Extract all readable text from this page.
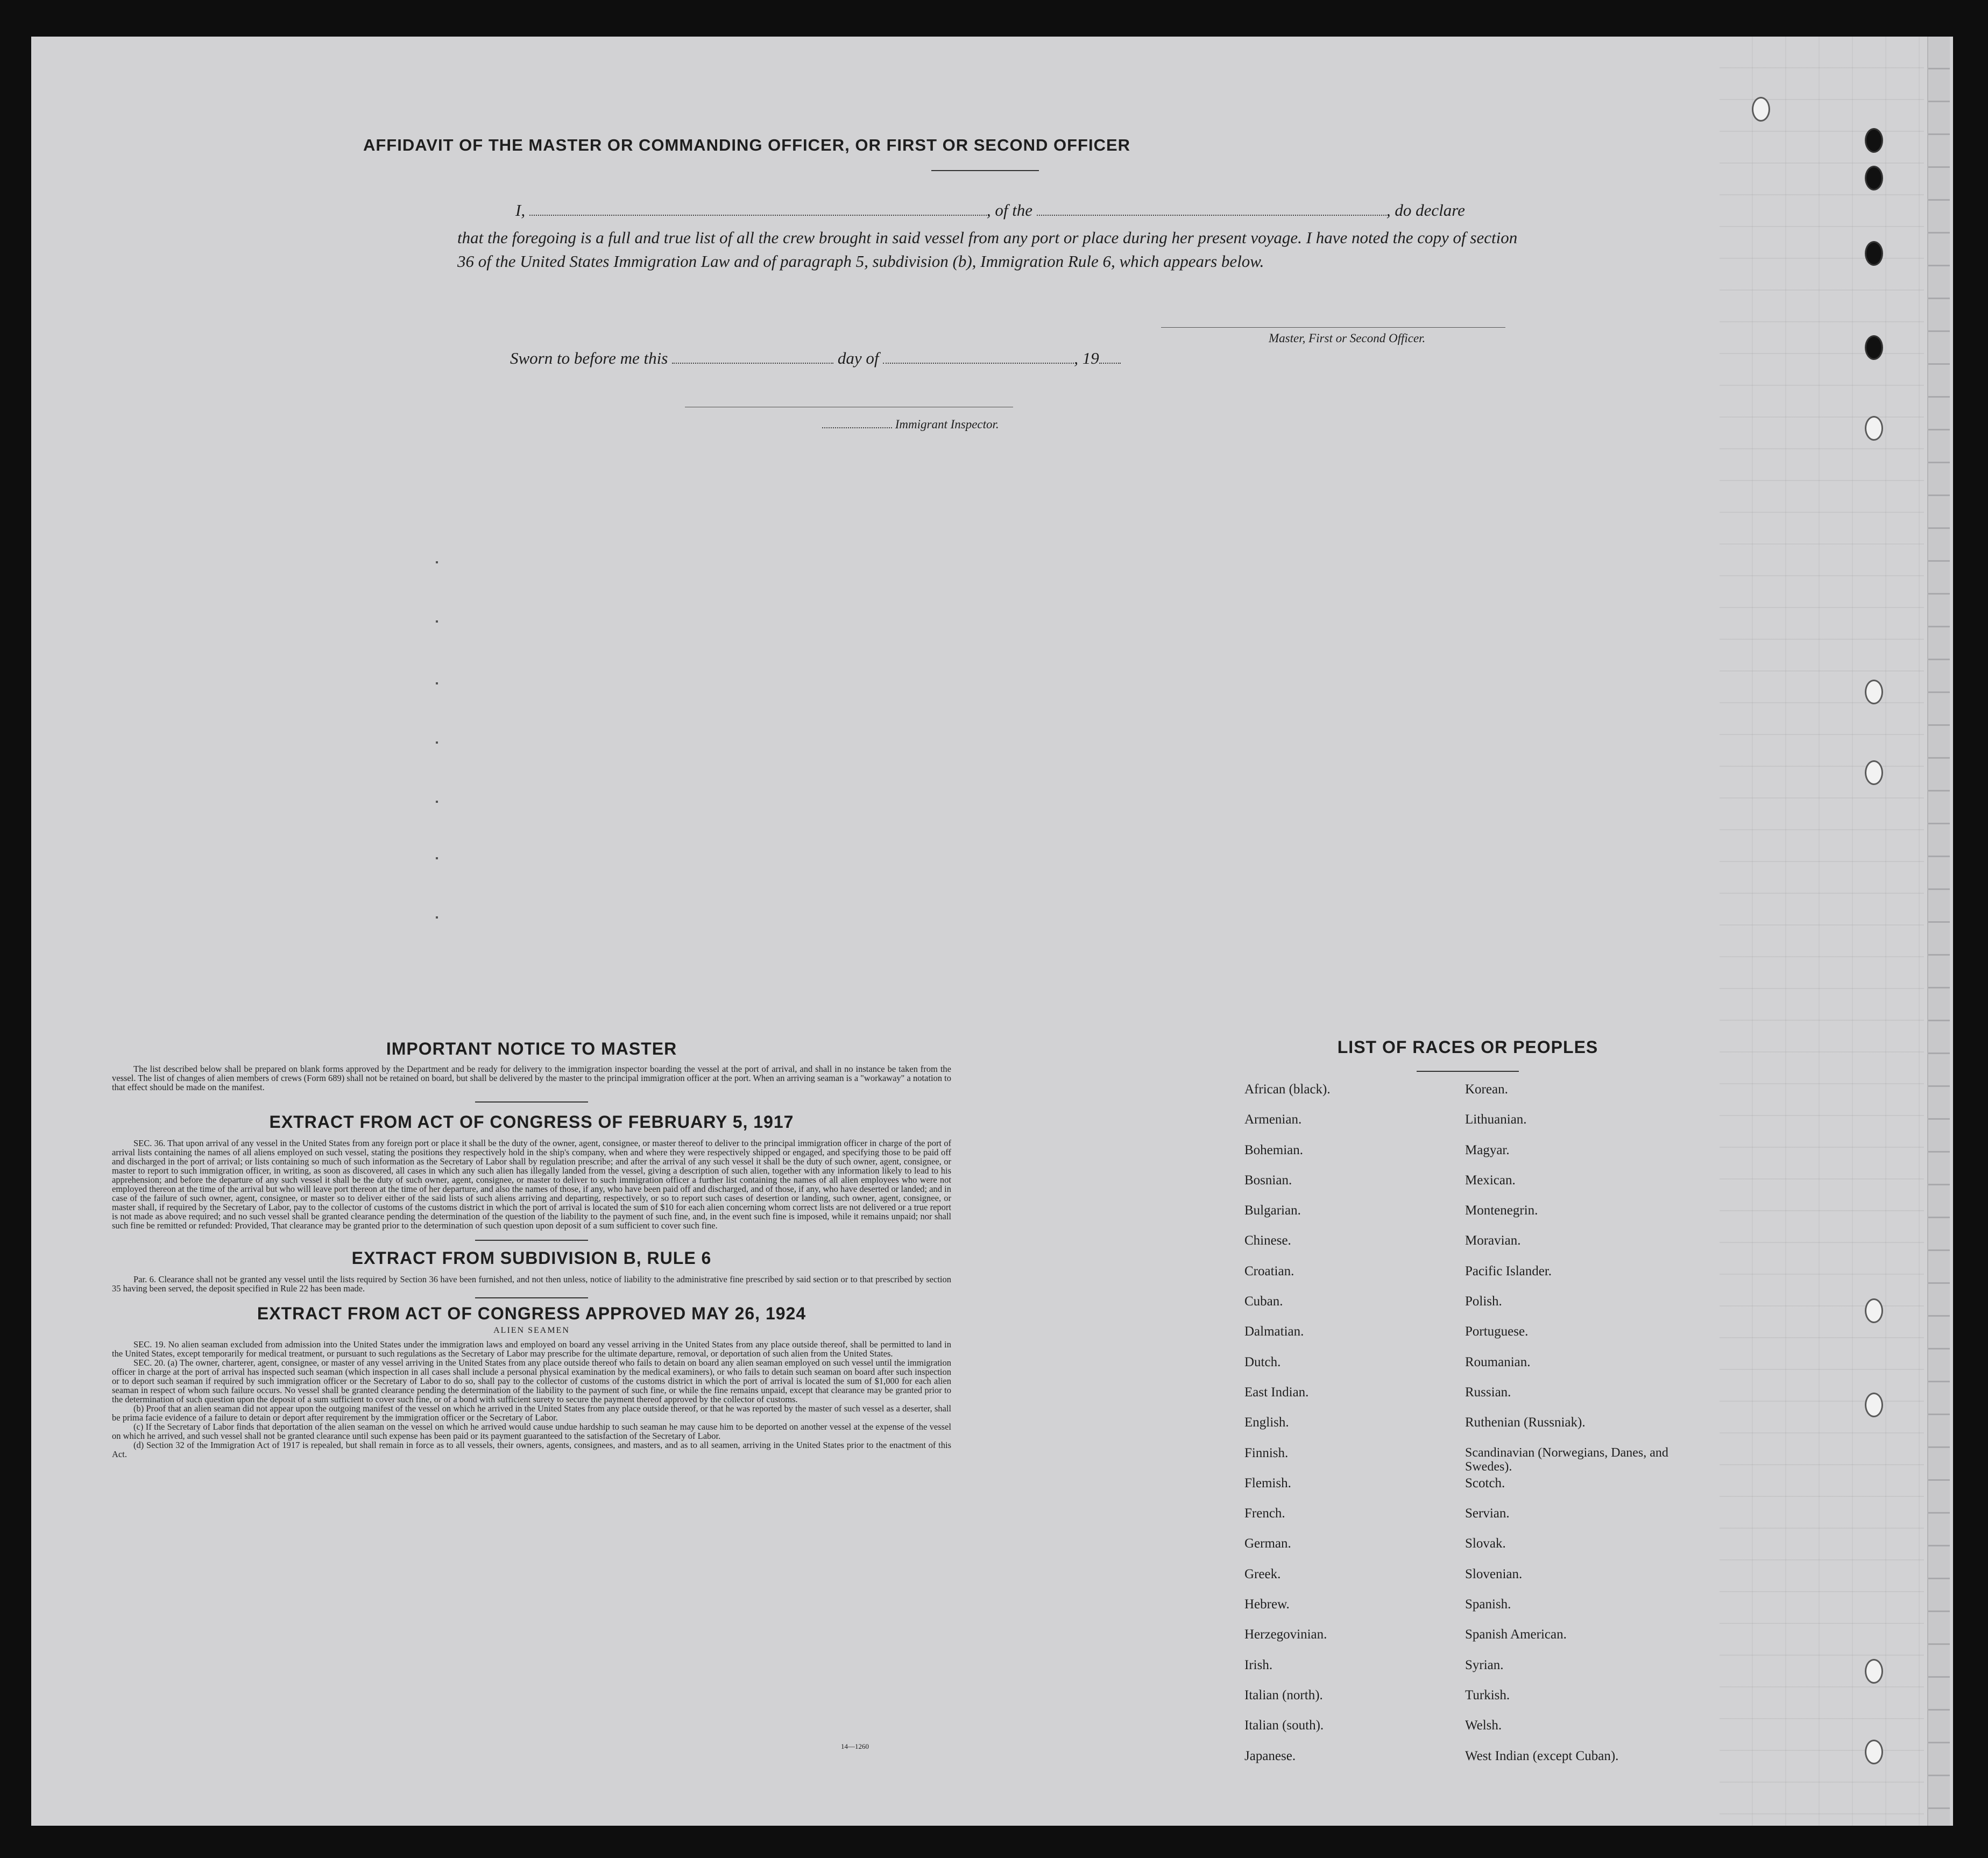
AFFIDAVIT OF THE MASTER OR COMMANDING OFFICER, OR FIRST OR SECOND OFFICER
I,	, of the	, do declare
that the foregoing is a full and true list of all the crew brought in said vessel from any port or place during her present voyage. I have noted the copy of section 36 of the United States Immigration Law and of paragraph 5, subdivision (b), Immigration Rule 6, which appears below.
Master, First or Second Officer.
Sworn to before me this	day of	, 19
Immigrant Inspector.
IMPORTANT NOTICE TO MASTER

The list described below shall be prepared on blank forms approved by the Department and be ready for delivery to the immigration inspector boarding the vessel at the port of arrival, and shall in no instance be taken from the vessel. The list of changes of alien members of crews (Form 689) shall not be retained on board, but shall be delivered by the master to the principal immigration officer at the port. When an arriving seaman is a "workaway" a notation to that effect should be made on the manifest.

EXTRACT FROM ACT OF CONGRESS OF FEBRUARY 5, 1917

SEC. 36. That upon arrival of any vessel in the United States from any foreign port or place it shall be the duty of the owner, agent, consignee, or master thereof to deliver to the principal immigration officer in charge of the port of arrival lists containing the names of all aliens employed on such vessel, stating the positions they respectively hold in the ship's company, when and where they were respectively shipped or engaged, and specifying those to be paid off and discharged in the port of arrival; or lists containing so much of such information as the Secretary of Labor shall by regulation prescribe; and after the arrival of any such vessel it shall be the duty of such owner, agent, consignee, or master to report to such immigration officer, in writing, as soon as discovered, all cases in which any such alien has illegally landed from the vessel, giving a description of such alien, together with any information likely to lead to his apprehension; and before the departure of any such vessel it shall be the duty of such owner, agent, consignee, or master to deliver to such immigration officer a further list containing the names of all alien employees who were not employed thereon at the time of the arrival but who will leave port thereon at the time of her departure, and also the names of those, if any, who have been paid off and discharged, and of those, if any, who have deserted or landed; and in case of the failure of such owner, agent, consignee, or master so to deliver either of the said lists of such aliens arriving and departing, respectively, or so to report such cases of desertion or landing, such owner, agent, consignee, or master shall, if required by the Secretary of Labor, pay to the collector of customs of the customs district in which the port of arrival is located the sum of $10 for each alien concerning whom correct lists are not delivered or a true report is not made as above required; and no such vessel shall be granted clearance pending the determination of the question of the liability to the payment of such fine, and, in the event such fine is imposed, while it remains unpaid; nor shall such fine be remitted or refunded: Provided, That clearance may be granted prior to the determination of such question upon deposit of a sum sufficient to cover such fine.

EXTRACT FROM SUBDIVISION B, RULE 6

Par. 6. Clearance shall not be granted any vessel until the lists required by Section 36 have been furnished, and not then unless, notice of liability to the administrative fine prescribed by said section or to that prescribed by section 35 having been served, the deposit specified in Rule 22 has been made.

EXTRACT FROM ACT OF CONGRESS APPROVED MAY 26, 1924
ALIEN SEAMEN

SEC. 19. No alien seaman excluded from admission into the United States under the immigration laws and employed on board any vessel arriving in the United States from any place outside thereof, shall be permitted to land in the United States, except temporarily for medical treatment, or pursuant to such regulations as the Secretary of Labor may prescribe for the ultimate departure, removal, or deportation of such alien from the United States.

SEC. 20. (a) The owner, charterer, agent, consignee, or master of any vessel arriving in the United States from any place outside thereof who fails to detain on board any alien seaman employed on such vessel until the immigration officer in charge at the port of arrival has inspected such seaman (which inspection in all cases shall include a personal physical examination by the medical examiners), or who fails to detain such seaman on board after such inspection or to deport such seaman if required by such immigration officer or the Secretary of Labor to do so, shall pay to the collector of customs of the customs district in which the port of arrival is located the sum of $1,000 for each alien seaman in respect of whom such failure occurs. No vessel shall be granted clearance pending the determination of the liability to the payment of such fine, or while the fine remains unpaid, except that clearance may be granted prior to the determination of such question upon the deposit of a sum sufficient to cover such fine, or of a bond with sufficient surety to secure the payment thereof approved by the collector of customs.

(b) Proof that an alien seaman did not appear upon the outgoing manifest of the vessel on which he arrived in the United States from any place outside thereof, or that he was reported by the master of such vessel as a deserter, shall be prima facie evidence of a failure to detain or deport after requirement by the immigration officer or the Secretary of Labor.

(c) If the Secretary of Labor finds that deportation of the alien seaman on the vessel on which he arrived would cause undue hardship to such seaman he may cause him to be deported on another vessel at the expense of the vessel on which he arrived, and such vessel shall not be granted clearance until such expense has been paid or its payment guaranteed to the satisfaction of the Secretary of Labor.

(d) Section 32 of the Immigration Act of 1917 is repealed, but shall remain in force as to all vessels, their owners, agents, consignees, and masters, and as to all seamen, arriving in the United States prior to the enactment of this Act.

14—1260
LIST OF RACES OR PEOPLES
African (black).	Korean.
Armenian.	Lithuanian.
Bohemian.	Magyar.
Bosnian.	Mexican.
Bulgarian.	Montenegrin.
Chinese.	Moravian.
Croatian.	Pacific Islander.
Cuban.	Polish.
Dalmatian.	Portuguese.
Dutch.	Roumanian.
East Indian.	Russian.
English.	Ruthenian (Russniak).
Finnish.	Scandinavian (Norwegians, Danes, and Swedes).
Flemish.	Scotch.
French.	Servian.
German.	Slovak.
Greek.	Slovenian.
Hebrew.	Spanish.
Herzegovinian.	Spanish American.
Irish.	Syrian.
Italian (north).	Turkish.
Italian (south).	Welsh.
Japanese.	West Indian (except Cuban).
